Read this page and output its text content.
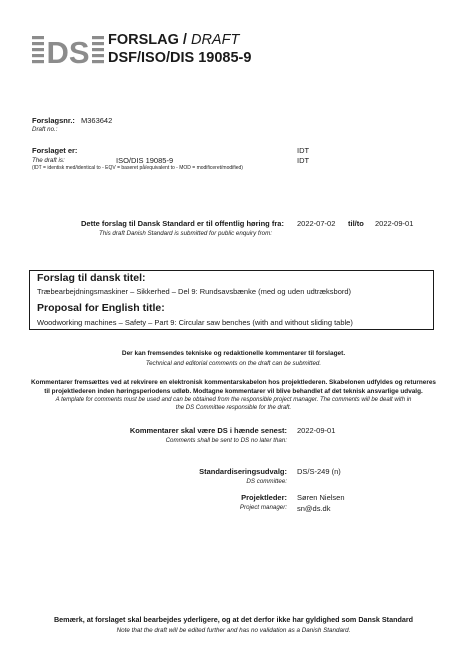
DS FORSLAG / DRAFT
DSF/ISO/DIS 19085-9
Forslagsnr.: M363642
Draft no.:
Forslaget er:	IDT
The draft is:	ISO/DIS 19085-9	IDT
(IDT = identisk med/identical to - EQV = baseret på/equivalent to - MOD = modificeret/modified)
Dette forslag til Dansk Standard er til offentlig høring fra: 2022-07-02 til/to 2022-09-01
This draft Danish Standard is submitted for public enquiry from:
Forslag til dansk titel:
Træbearbejdningsmaskiner – Sikkerhed – Del 9: Rundsavsbænke (med og uden udtræksbord)
Proposal for English title:
Woodworking machines – Safety – Part 9: Circular saw benches (with and without sliding table)
Der kan fremsendes tekniske og redaktionelle kommentarer til forslaget.
Technical and editorial comments on the draft can be submitted.
Kommentarer fremsættes ved at rekvirere en elektronisk kommentarskabelon hos projektlederen. Skabelonen udfyldes og returneres
til projektlederen inden høringsperiodens udløb. Modtagne kommentarer vil blive behandlet af det teknisk ansvarlige udvalg.
A template for comments must be used and can be obtained from the responsible project manager. The comments will be dealt with in
the DS Committee responsible for the draft.
Kommentarer skal være DS i hænde senest: 2022-09-01
Comments shall be sent to DS no later than:
Standardiseringsudvalg: DS/S-249 (n)
DS committee:
Projektleder: Søren Nielsen
Project manager: sn@ds.dk
Bemærk, at forslaget skal bearbejdes yderligere, og at det derfor ikke har gyldighed som Dansk Standard
Note that the draft will be edited further and has no validation as a Danish Standard.
